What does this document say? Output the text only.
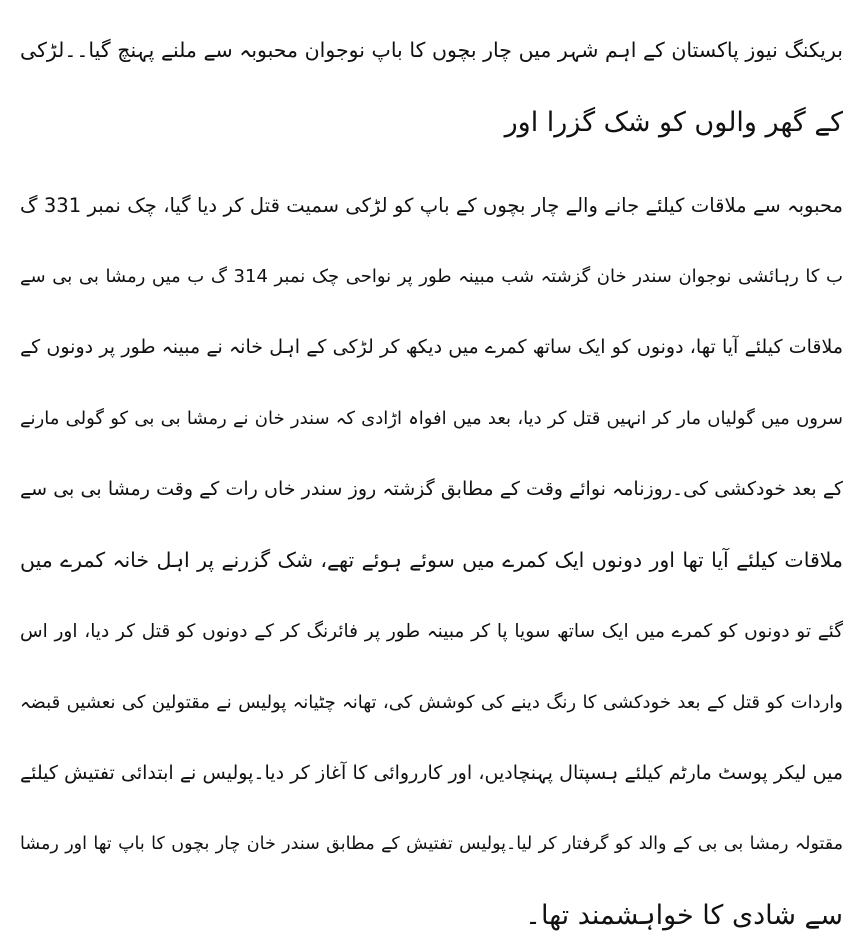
بریکنگ نیوز پاکستان کے اہم شہر میں چار بچوں کا باپ نوجوان محبوبہ سے ملنے پہنچ گیا۔۔لڑکی
کے گھر والوں کو شک گزرا اور
محبوبہ سے ملاقات کیلئے جانے والے چار بچوں کے باپ کو لڑکی سمیت قتل کر دیا گیا، چک نمبر 331 گ
ب کا رہائشی نوجوان سندر خان گزشتہ شب مبینہ طور پر نواحی چک نمبر 314 گ ب میں رمشا بی بی سے
ملاقات کیلئے آیا تھا، دونوں کو ایک ساتھ کمرے میں دیکھ کر لڑکی کے اہل خانہ نے مبینہ طور پر دونوں کے
سروں میں گولیاں مار کر انہیں قتل کر دیا، بعد میں افواہ اڑادی کہ سندر خان نے رمشا بی بی کو گولی مارنے
کے بعد خودکشی کی۔روزنامہ نوائے وقت کے مطابق گزشتہ روز سندر خاں رات کے وقت رمشا بی بی سے
ملاقات کیلئے آیا تھا اور دونوں ایک کمرے میں سوئے ہوئے تھے، شک گزرنے پر اہل خانہ کمرے میں
گئے تو دونوں کو کمرے میں ایک ساتھ سویا پا کر مبینہ طور پر فائرنگ کر کے دونوں کو قتل کر دیا، اور اس
واردات کو قتل کے بعد خودکشی کا رنگ دینے کی کوشش کی، تھانہ چٹیانہ پولیس نے مقتولین کی نعشیں قبضہ
میں لیکر پوسٹ مارٹم کیلئے ہسپتال پہنچادیں، اور کارروائی کا آغاز کر دیا۔پولیس نے ابتدائی تفتیش کیلئے
مقتولہ رمشا بی بی کے والد کو گرفتار کر لیا۔پولیس تفتیش کے مطابق سندر خان چار بچوں کا باپ تھا اور رمشا
سے شادی کا خواہشمند تھا۔
